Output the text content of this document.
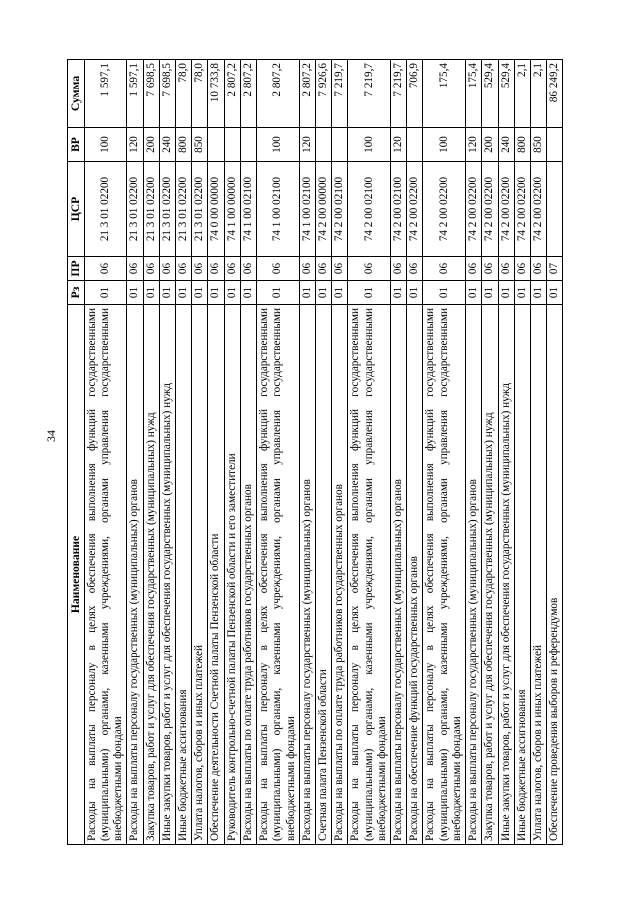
34
Наименование	Рз	ПР	ЦСР	ВР	Сумма
Расходы на выплаты персоналу в целях обеспечения выполнения функций государственными (муниципальными) органами, казенными учреждениями, органами управления государственными внебюджетными фондами	01	06	21 3 01 02200	100	1 597,1
Расходы на выплаты персоналу государственных (муниципальных) органов	01	06	21 3 01 02200	120	1 597,1
Закупка товаров, работ и услуг для обеспечения государственных (муниципальных) нужд	01	06	21 3 01 02200	200	7 698,5
Иные закупки товаров, работ и услуг для обеспечения государственных (муниципальных) нужд	01	06	21 3 01 02200	240	7 698,5
Иные бюджетные ассигнования	01	06	21 3 01 02200	800	78,0
Уплата налогов, сборов и иных платежей	01	06	21 3 01 02200	850	78,0
Обеспечение деятельности Счетной палаты Пензенской области	01	06	74 0 00 00000		10 733,8
Руководитель контрольно-счетной палаты Пензенской области и его заместители	01	06	74 1 00 00000		2 807,2
Расходы на выплаты по оплате труда работников государственных органов	01	06	74 1 00 02100		2 807,2
Расходы на выплаты персоналу в целях обеспечения выполнения функций государственными (муниципальными) органами, казенными учреждениями, органами управления государственными внебюджетными фондами	01	06	74 1 00 02100	100	2 807,2
Расходы на выплаты персоналу государственных (муниципальных) органов	01	06	74 1 00 02100	120	2 807,2
Счетная палата Пензенской области	01	06	74 2 00 00000		7 926,6
Расходы на выплаты по оплате труда работников государственных органов	01	06	74 2 00 02100		7 219,7
Расходы на выплаты персоналу в целях обеспечения выполнения функций государственными (муниципальными) органами, казенными учреждениями, органами управления государственными внебюджетными фондами	01	06	74 2 00 02100	100	7 219,7
Расходы на выплаты персоналу государственных (муниципальных) органов	01	06	74 2 00 02100	120	7 219,7
Расходы на обеспечение функций государственных органов	01	06	74 2 00 02200		706,9
Расходы на выплаты персоналу в целях обеспечения выполнения функций государственными (муниципальными) органами, казенными учреждениями, органами управления государственными внебюджетными фондами	01	06	74 2 00 02200	100	175,4
Расходы на выплаты персоналу государственных (муниципальных) органов	01	06	74 2 00 02200	120	175,4
Закупка товаров, работ и услуг для обеспечения государственных (муниципальных) нужд	01	06	74 2 00 02200	200	529,4
Иные закупки товаров, работ и услуг для обеспечения государственных (муниципальных) нужд	01	06	74 2 00 02200	240	529,4
Иные бюджетные ассигнования	01	06	74 2 00 02200	800	2,1
Уплата налогов, сборов и иных платежей	01	06	74 2 00 02200	850	2,1
Обеспечение проведения выборов и референдумов	01	07			86 249,2
